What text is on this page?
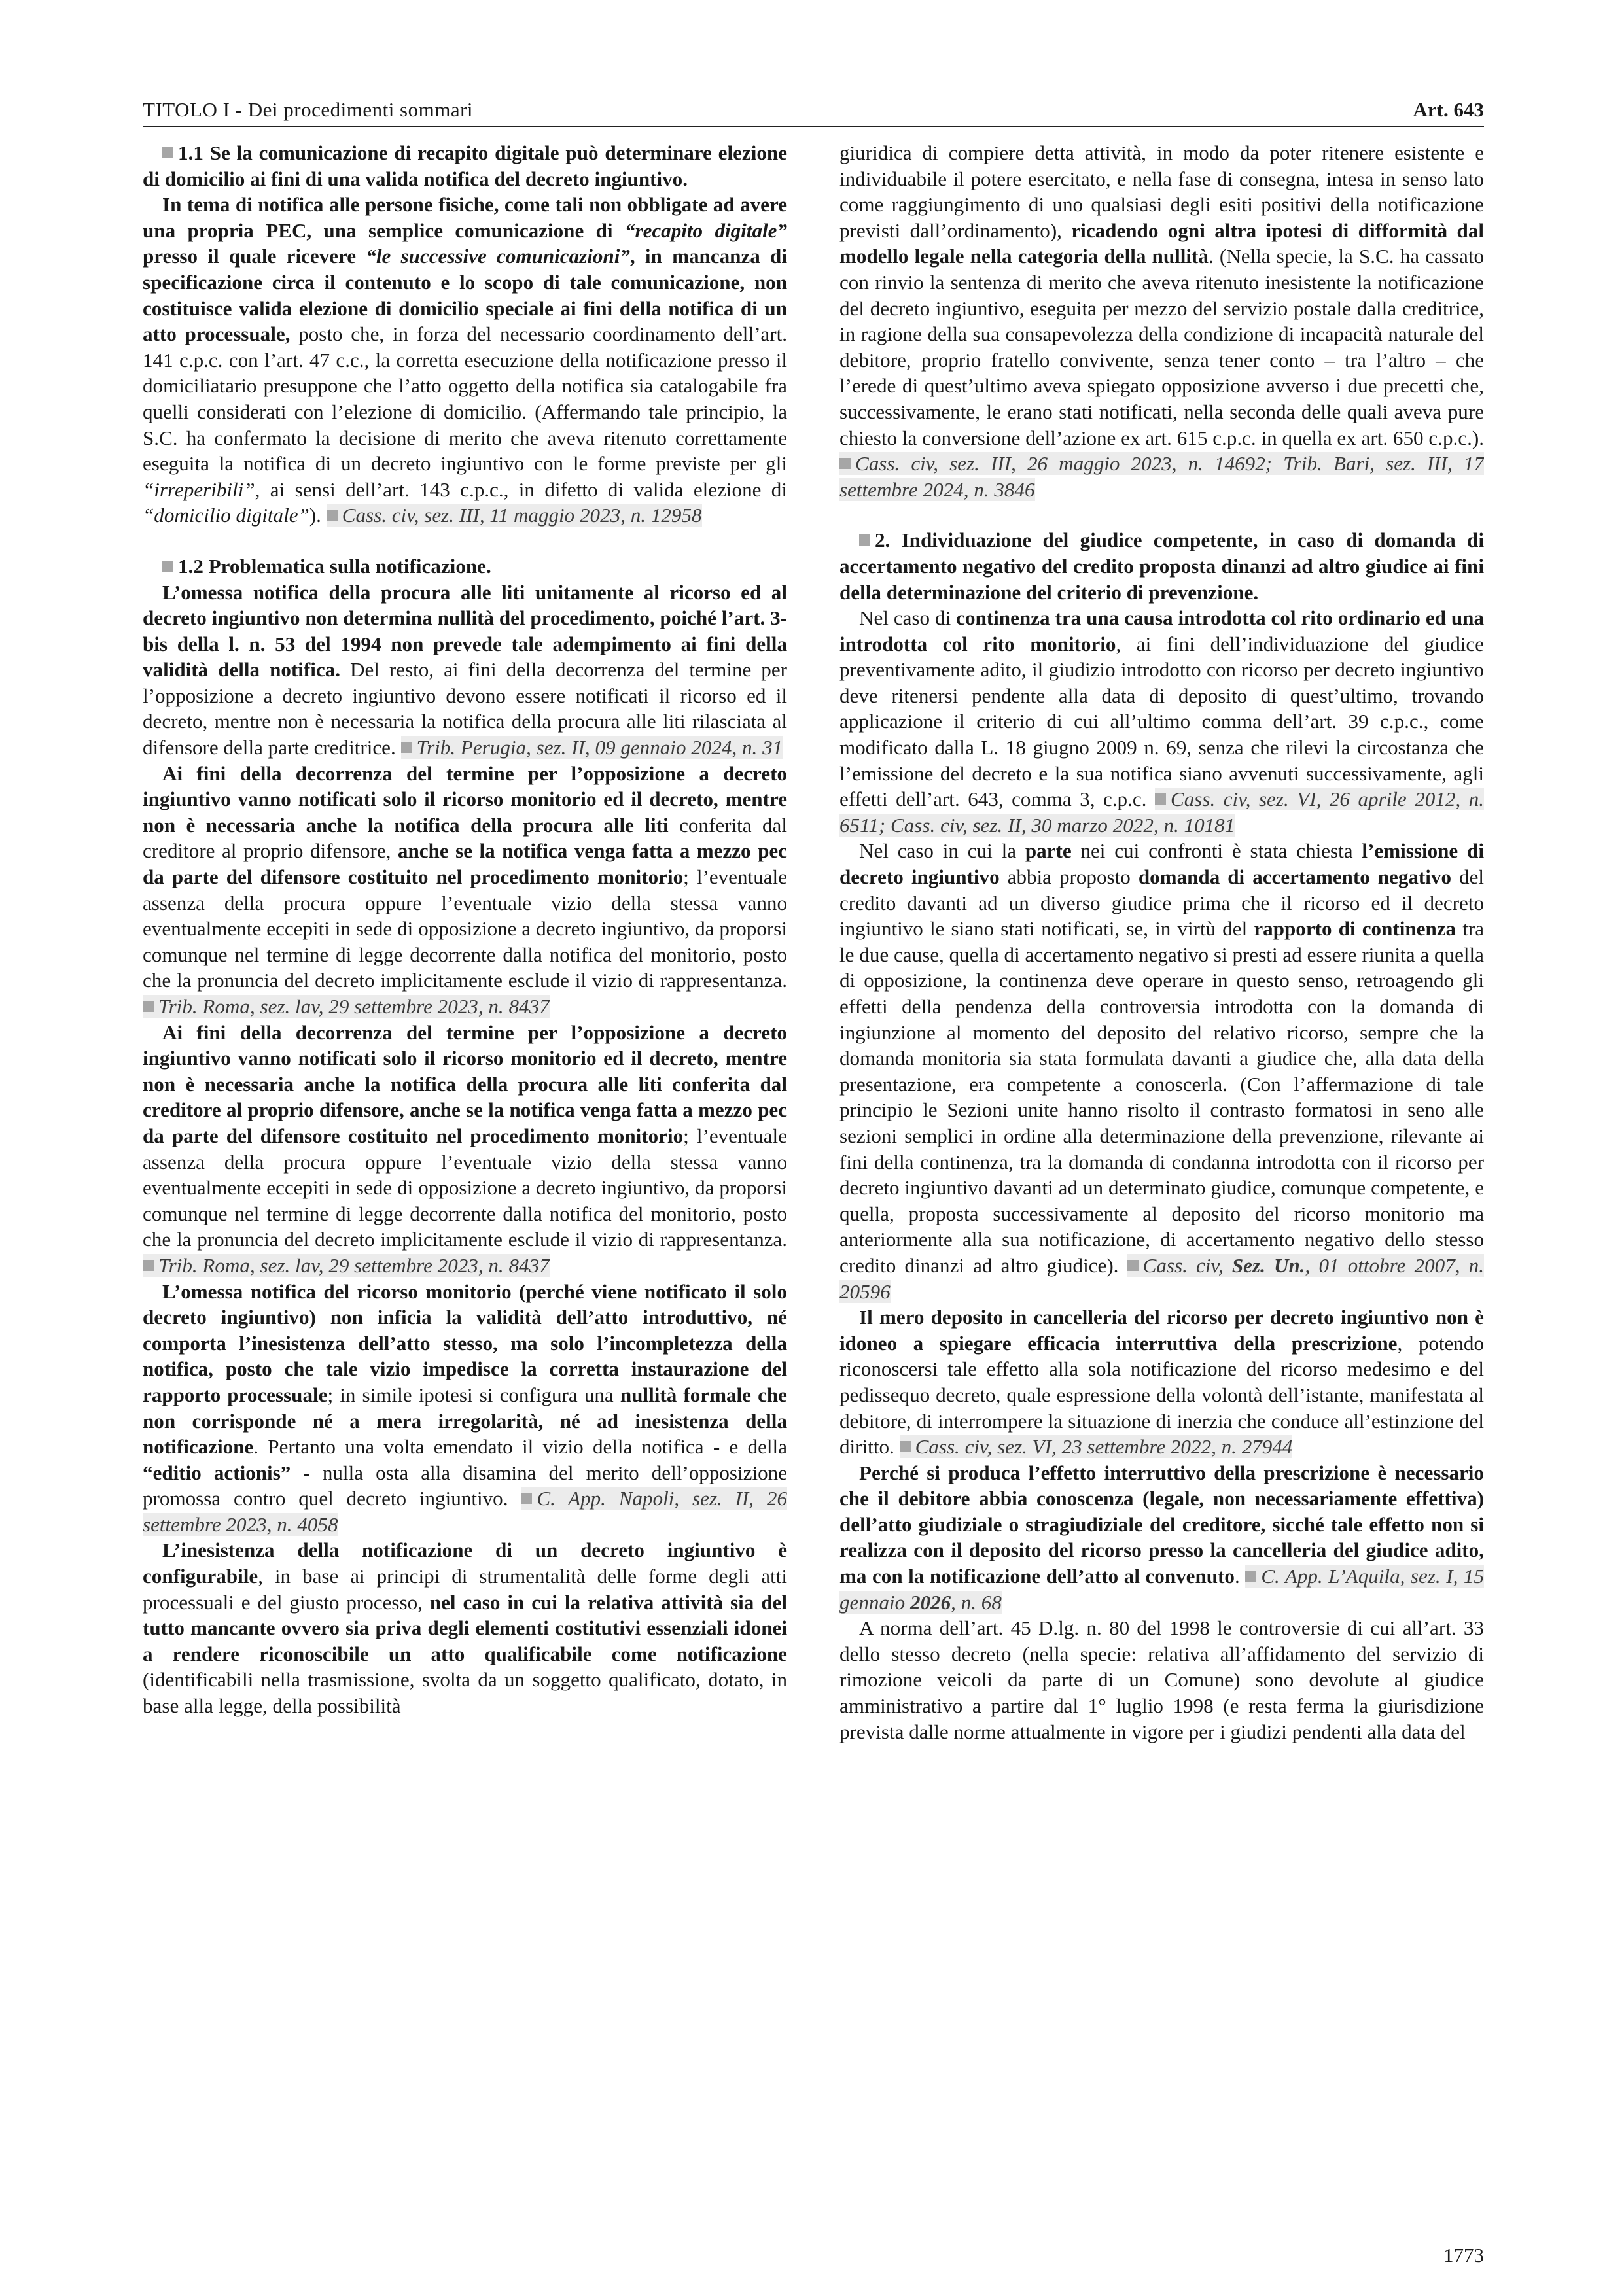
TITOLO I - Dei procedimenti sommari	Art. 643

1.1 Se la comunicazione di recapito digitale può determinare elezione di domicilio ai fini di una valida notifica del decreto ingiuntivo.

In tema di notifica alle persone fisiche, come tali non obbligate ad avere una propria PEC, una semplice comunicazione di “recapito digitale” presso il quale ricevere “le successive comunicazioni”, in mancanza di specificazione circa il contenuto e lo scopo di tale comunicazione, non costituisce valida elezione di domicilio speciale ai fini della notifica di un atto processuale, posto che, in forza del necessario coordinamento dell’art. 141 c.p.c. con l’art. 47 c.c., la corretta esecuzione della notificazione presso il domiciliatario presuppone che l’atto oggetto della notifica sia catalogabile fra quelli considerati con l’elezione di domicilio. (Affermando tale principio, la S.C. ha confermato la decisione di merito che aveva ritenuto correttamente eseguita la notifica di un decreto ingiuntivo con le forme previste per gli “irreperibili”, ai sensi dell’art. 143 c.p.c., in difetto di valida elezione di “domicilio digitale”). Cass. civ, sez. III, 11 maggio 2023, n. 12958

1.2 Problematica sulla notificazione.

L’omessa notifica della procura alle liti unitamente al ricorso ed al decreto ingiuntivo non determina nullità del procedimento, poiché l’art. 3-bis della l. n. 53 del 1994 non prevede tale adempimento ai fini della validità della notifica. Del resto, ai fini della decorrenza del termine per l’opposizione a decreto ingiuntivo devono essere notificati il ricorso ed il decreto, mentre non è necessaria la notifica della procura alle liti rilasciata al difensore della parte creditrice. Trib. Perugia, sez. II, 09 gennaio 2024, n. 31

Ai fini della decorrenza del termine per l’opposizione a decreto ingiuntivo vanno notificati solo il ricorso monitorio ed il decreto, mentre non è necessaria anche la notifica della procura alle liti conferita dal creditore al proprio difensore, anche se la notifica venga fatta a mezzo pec da parte del difensore costituito nel procedimento monitorio; l’eventuale assenza della procura oppure l’eventuale vizio della stessa vanno eventualmente eccepiti in sede di opposizione a decreto ingiuntivo, da proporsi comunque nel termine di legge decorrente dalla notifica del monitorio, posto che la pronuncia del decreto implicitamente esclude il vizio di rappresentanza. Trib. Roma, sez. lav, 29 settembre 2023, n. 8437

Ai fini della decorrenza del termine per l’opposizione a decreto ingiuntivo vanno notificati solo il ricorso monitorio ed il decreto, mentre non è necessaria anche la notifica della procura alle liti conferita dal creditore al proprio difensore, anche se la notifica venga fatta a mezzo pec da parte del difensore costituito nel procedimento monitorio; l’eventuale assenza della procura oppure l’eventuale vizio della stessa vanno eventualmente eccepiti in sede di opposizione a decreto ingiuntivo, da proporsi comunque nel termine di legge decorrente dalla notifica del monitorio, posto che la pronuncia del decreto implicitamente esclude il vizio di rappresentanza. Trib. Roma, sez. lav, 29 settembre 2023, n. 8437

L’omessa notifica del ricorso monitorio (perché viene notificato il solo decreto ingiuntivo) non inficia la validità dell’atto introduttivo, né comporta l’inesistenza dell’atto stesso, ma solo l’incompletezza della notifica, posto che tale vizio impedisce la corretta instaurazione del rapporto processuale; in simile ipotesi si configura una nullità formale che non corrisponde né a mera irregolarità, né ad inesistenza della notificazione. Pertanto una volta emendato il vizio della notifica - e della “editio actionis” - nulla osta alla disamina del merito dell’opposizione promossa contro quel decreto ingiuntivo. C. App. Napoli, sez. II, 26 settembre 2023, n. 4058

L’inesistenza della notificazione di un decreto ingiuntivo è configurabile, in base ai principi di strumentalità delle forme degli atti processuali e del giusto processo, nel caso in cui la relativa attività sia del tutto mancante ovvero sia priva degli elementi costitutivi essenziali idonei a rendere riconoscibile un atto qualificabile come notificazione (identificabili nella trasmissione, svolta da un soggetto qualificato, dotato, in base alla legge, della possibilità

giuridica di compiere detta attività, in modo da poter ritenere esistente e individuabile il potere esercitato, e nella fase di consegna, intesa in senso lato come raggiungimento di uno qualsiasi degli esiti positivi della notificazione previsti dall’ordinamento), ricadendo ogni altra ipotesi di difformità dal modello legale nella categoria della nullità. (Nella specie, la S.C. ha cassato con rinvio la sentenza di merito che aveva ritenuto inesistente la notificazione del decreto ingiuntivo, eseguita per mezzo del servizio postale dalla creditrice, in ragione della sua consapevolezza della condizione di incapacità naturale del debitore, proprio fratello convivente, senza tener conto – tra l’altro – che l’erede di quest’ultimo aveva spiegato opposizione avverso i due precetti che, successivamente, le erano stati notificati, nella seconda delle quali aveva pure chiesto la conversione dell’azione ex art. 615 c.p.c. in quella ex art. 650 c.p.c.). Cass. civ, sez. III, 26 maggio 2023, n. 14692; Trib. Bari, sez. III, 17 settembre 2024, n. 3846

2. Individuazione del giudice competente, in caso di domanda di accertamento negativo del credito proposta dinanzi ad altro giudice ai fini della determinazione del criterio di prevenzione.

Nel caso di continenza tra una causa introdotta col rito ordinario ed una introdotta col rito monitorio, ai fini dell’individuazione del giudice preventivamente adito, il giudizio introdotto con ricorso per decreto ingiuntivo deve ritenersi pendente alla data di deposito di quest’ultimo, trovando applicazione il criterio di cui all’ultimo comma dell’art. 39 c.p.c., come modificato dalla L. 18 giugno 2009 n. 69, senza che rilevi la circostanza che l’emissione del decreto e la sua notifica siano avvenuti successivamente, agli effetti dell’art. 643, comma 3, c.p.c. Cass. civ, sez. VI, 26 aprile 2012, n. 6511; Cass. civ, sez. II, 30 marzo 2022, n. 10181

Nel caso in cui la parte nei cui confronti è stata chiesta l’emissione di decreto ingiuntivo abbia proposto domanda di accertamento negativo del credito davanti ad un diverso giudice prima che il ricorso ed il decreto ingiuntivo le siano stati notificati, se, in virtù del rapporto di continenza tra le due cause, quella di accertamento negativo si presti ad essere riunita a quella di opposizione, la continenza deve operare in questo senso, retroagendo gli effetti della pendenza della controversia introdotta con la domanda di ingiunzione al momento del deposito del relativo ricorso, sempre che la domanda monitoria sia stata formulata davanti a giudice che, alla data della presentazione, era competente a conoscerla. (Con l’affermazione di tale principio le Sezioni unite hanno risolto il contrasto formatosi in seno alle sezioni semplici in ordine alla determinazione della prevenzione, rilevante ai fini della continenza, tra la domanda di condanna introdotta con il ricorso per decreto ingiuntivo davanti ad un determinato giudice, comunque competente, e quella, proposta successivamente al deposito del ricorso monitorio ma anteriormente alla sua notificazione, di accertamento negativo dello stesso credito dinanzi ad altro giudice). Cass. civ, Sez. Un., 01 ottobre 2007, n. 20596

Il mero deposito in cancelleria del ricorso per decreto ingiuntivo non è idoneo a spiegare efficacia interruttiva della prescrizione, potendo riconoscersi tale effetto alla sola notificazione del ricorso medesimo e del pedissequo decreto, quale espressione della volontà dell’istante, manifestata al debitore, di interrompere la situazione di inerzia che conduce all’estinzione del diritto. Cass. civ, sez. VI, 23 settembre 2022, n. 27944

Perché si produca l’effetto interruttivo della prescrizione è necessario che il debitore abbia conoscenza (legale, non necessariamente effettiva) dell’atto giudiziale o stragiudiziale del creditore, sicché tale effetto non si realizza con il deposito del ricorso presso la cancelleria del giudice adito, ma con la notificazione dell’atto al convenuto. C. App. L’Aquila, sez. I, 15 gennaio 2026, n. 68

A norma dell’art. 45 D.lg. n. 80 del 1998 le controversie di cui all’art. 33 dello stesso decreto (nella specie: relativa all’affidamento del servizio di rimozione veicoli da parte di un Comune) sono devolute al giudice amministrativo a partire dal 1° luglio 1998 (e resta ferma la giurisdizione prevista dalle norme attualmente in vigore per i giudizi pendenti alla data del

1773
